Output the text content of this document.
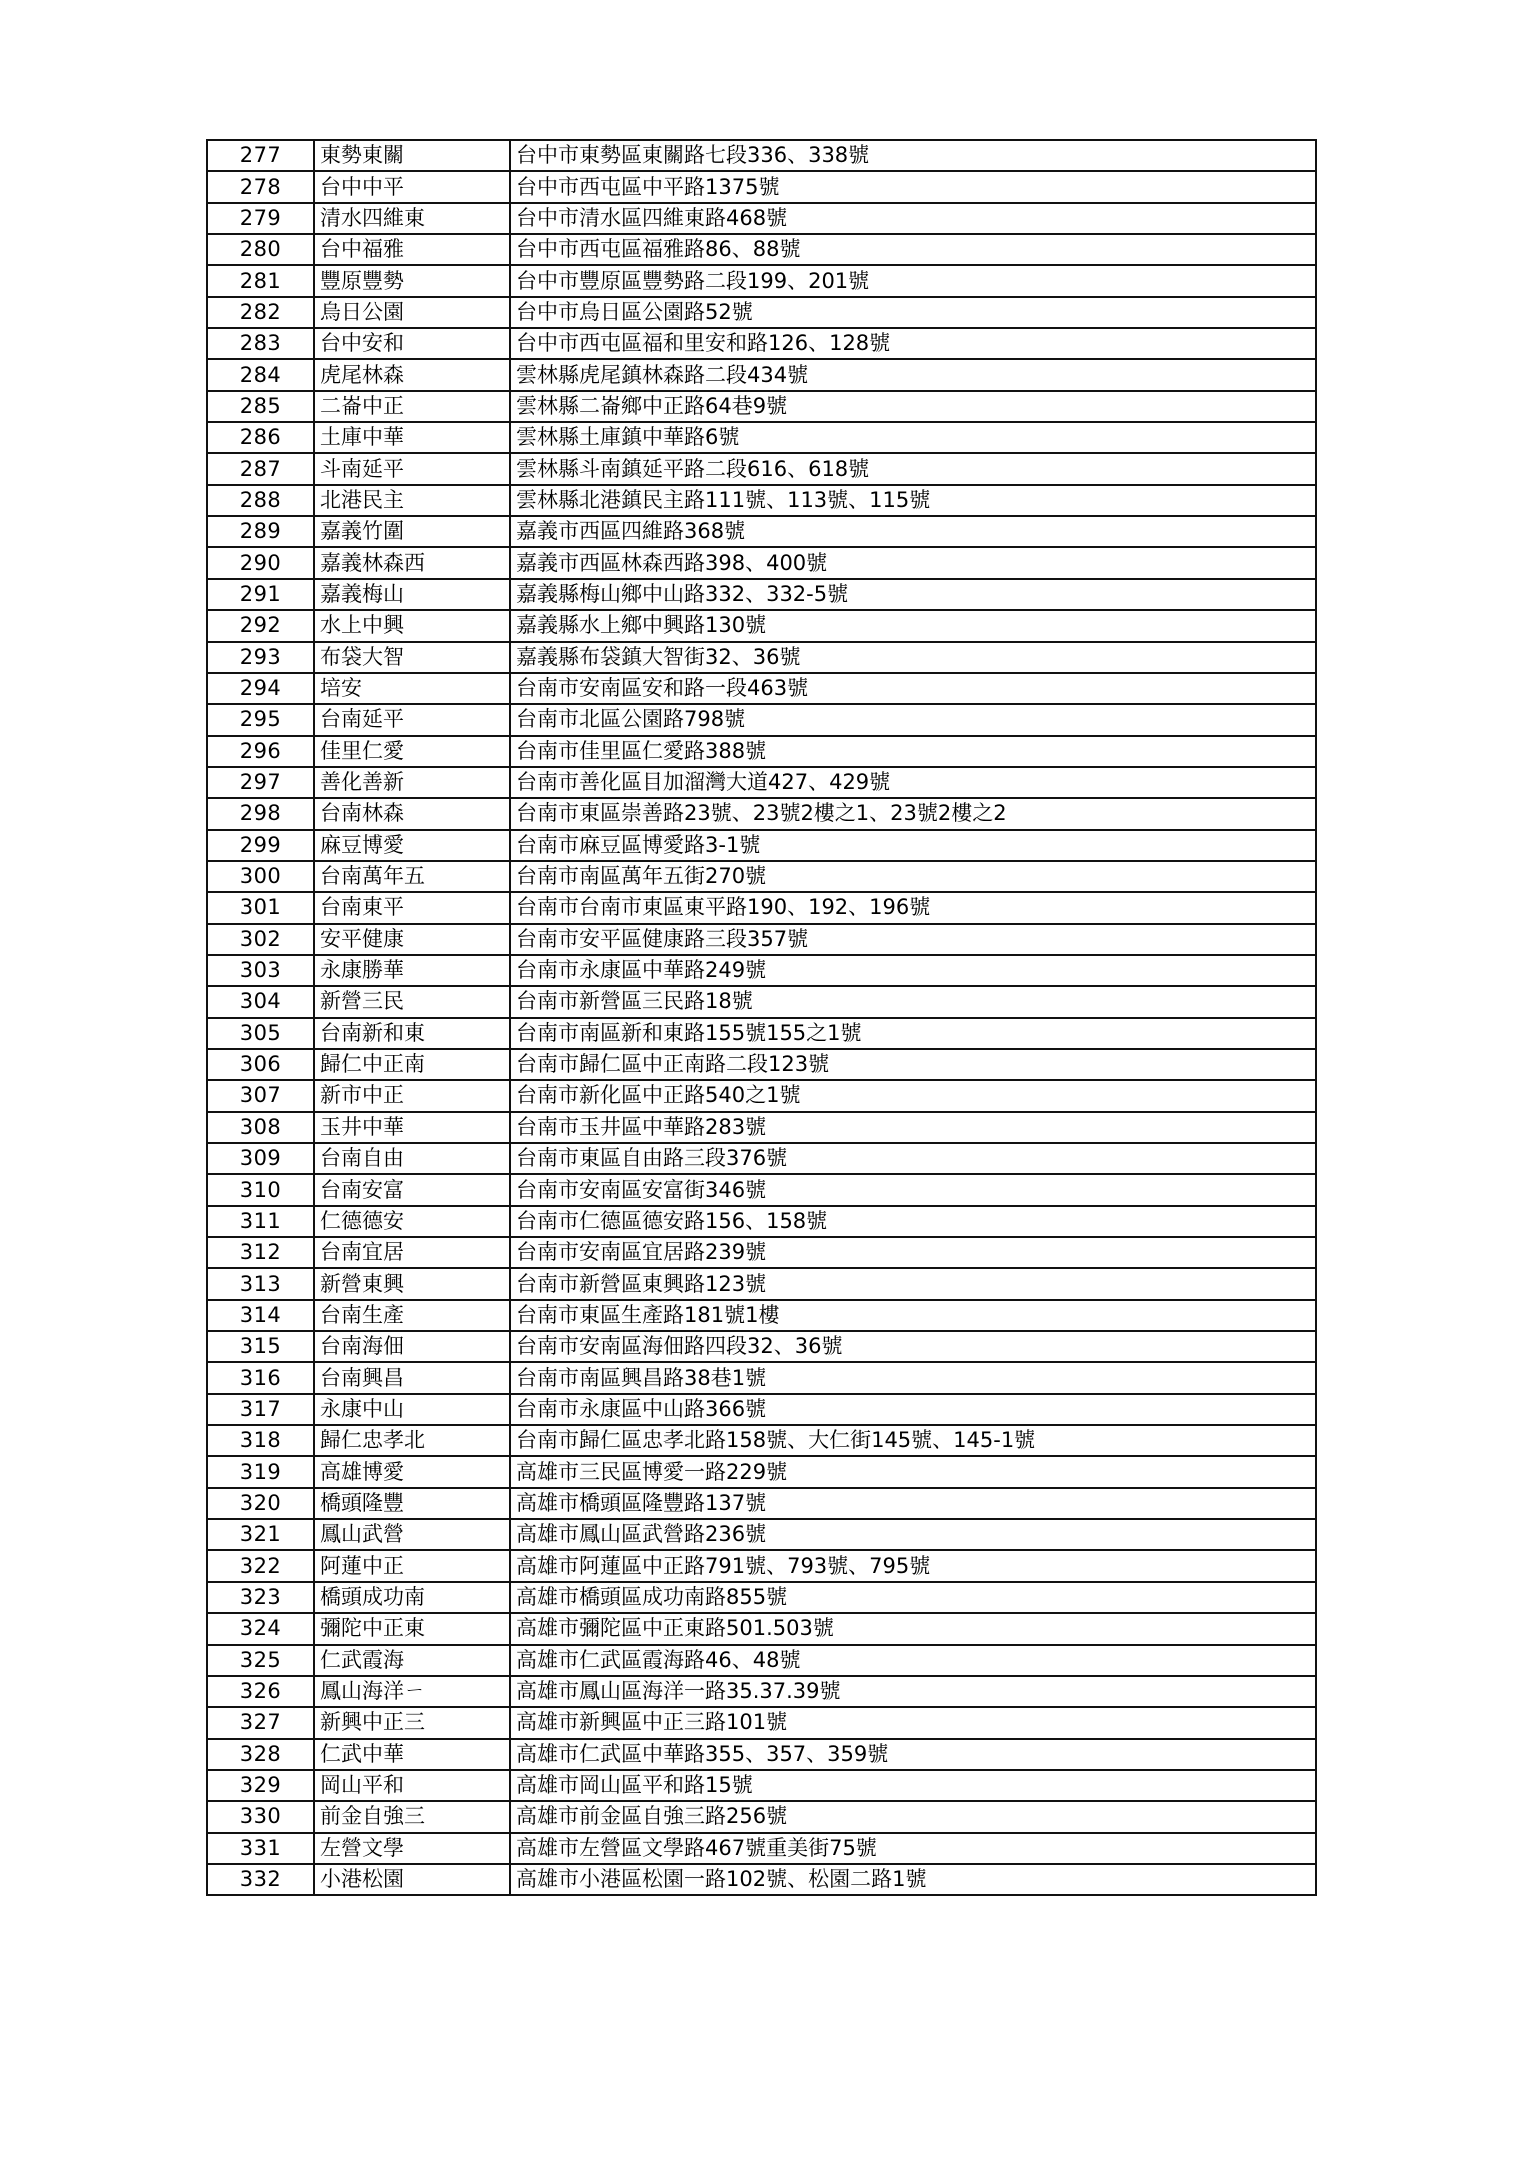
277	東勢東關	台中市東勢區東關路七段336、338號
278	台中中平	台中市西屯區中平路1375號
279	清水四維東	台中市清水區四維東路468號
280	台中福雅	台中市西屯區福雅路86、88號
281	豐原豐勢	台中市豐原區豐勢路二段199、201號
282	烏日公園	台中市烏日區公園路52號
283	台中安和	台中市西屯區福和里安和路126、128號
284	虎尾林森	雲林縣虎尾鎮林森路二段434號
285	二崙中正	雲林縣二崙鄉中正路64巷9號
286	土庫中華	雲林縣土庫鎮中華路6號
287	斗南延平	雲林縣斗南鎮延平路二段616、618號
288	北港民主	雲林縣北港鎮民主路111號、113號、115號
289	嘉義竹圍	嘉義市西區四維路368號
290	嘉義林森西	嘉義市西區林森西路398、400號
291	嘉義梅山	嘉義縣梅山鄉中山路332、332-5號
292	水上中興	嘉義縣水上鄉中興路130號
293	布袋大智	嘉義縣布袋鎮大智街32、36號
294	培安	台南市安南區安和路一段463號
295	台南延平	台南市北區公園路798號
296	佳里仁愛	台南市佳里區仁愛路388號
297	善化善新	台南市善化區目加溜灣大道427、429號
298	台南林森	台南市東區崇善路23號、23號2樓之1、23號2樓之2
299	麻豆博愛	台南市麻豆區博愛路3-1號
300	台南萬年五	台南市南區萬年五街270號
301	台南東平	台南市台南市東區東平路190、192、196號
302	安平健康	台南市安平區健康路三段357號
303	永康勝華	台南市永康區中華路249號
304	新營三民	台南市新營區三民路18號
305	台南新和東	台南市南區新和東路155號155之1號
306	歸仁中正南	台南市歸仁區中正南路二段123號
307	新市中正	台南市新化區中正路540之1號
308	玉井中華	台南市玉井區中華路283號
309	台南自由	台南市東區自由路三段376號
310	台南安富	台南市安南區安富街346號
311	仁德德安	台南市仁德區德安路156、158號
312	台南宜居	台南市安南區宜居路239號
313	新營東興	台南市新營區東興路123號
314	台南生產	台南市東區生產路181號1樓
315	台南海佃	台南市安南區海佃路四段32、36號
316	台南興昌	台南市南區興昌路38巷1號
317	永康中山	台南市永康區中山路366號
318	歸仁忠孝北	台南市歸仁區忠孝北路158號、大仁街145號、145-1號
319	高雄博愛	高雄市三民區博愛一路229號
320	橋頭隆豐	高雄市橋頭區隆豐路137號
321	鳳山武營	高雄市鳳山區武營路236號
322	阿蓮中正	高雄市阿蓮區中正路791號、793號、795號
323	橋頭成功南	高雄市橋頭區成功南路855號
324	彌陀中正東	高雄市彌陀區中正東路501.503號
325	仁武霞海	高雄市仁武區霞海路46、48號
326	鳳山海洋ㄧ	高雄市鳳山區海洋一路35.37.39號
327	新興中正三	高雄市新興區中正三路101號
328	仁武中華	高雄市仁武區中華路355、357、359號
329	岡山平和	高雄市岡山區平和路15號
330	前金自強三	高雄市前金區自強三路256號
331	左營文學	高雄市左營區文學路467號重美街75號
332	小港松園	高雄市小港區松園一路102號、松園二路1號
